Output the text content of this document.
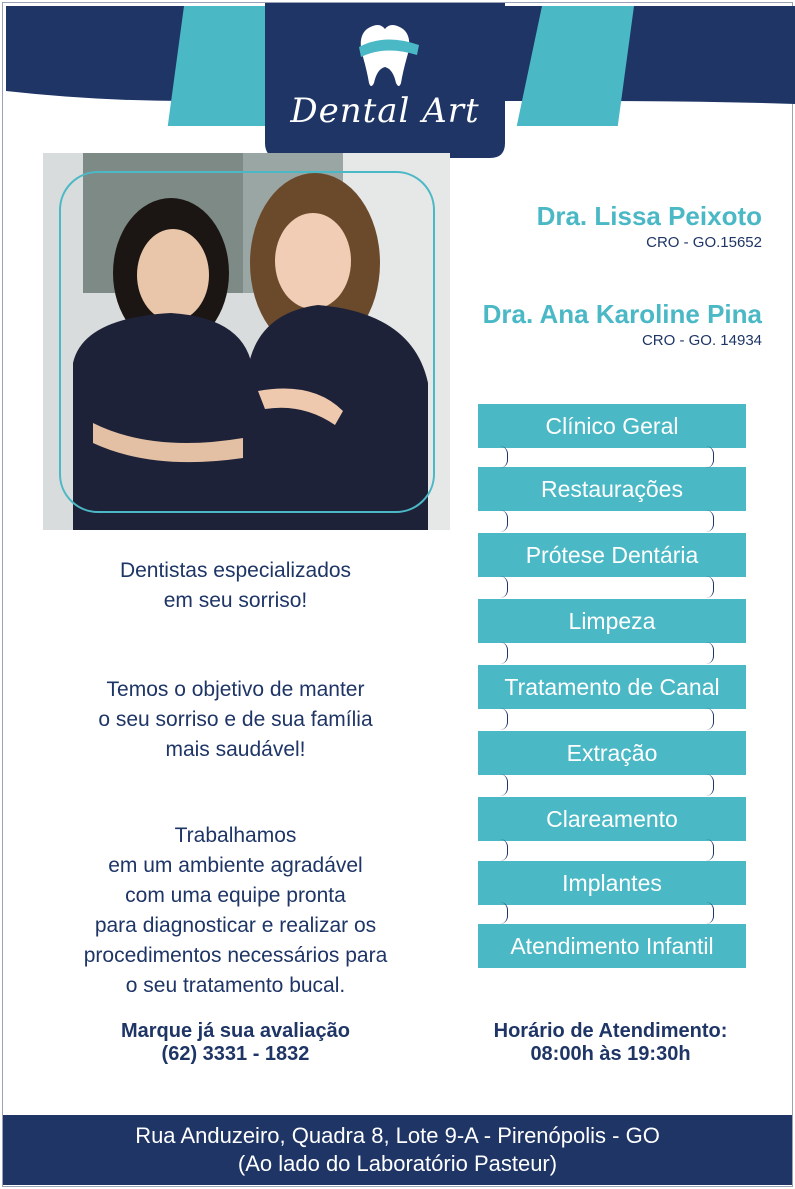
Dental Art
Dra. Lissa Peixoto
CRO - GO.15652
Dra. Ana Karoline Pina
CRO - GO. 14934
Dentistas especializados
em seu sorriso!
Temos o objetivo de manter
o seu sorriso e de sua família
mais saudável!
Trabalhamos
em um ambiente agradável
com uma equipe pronta
para diagnosticar e realizar os
procedimentos necessários para
o seu tratamento bucal.
Marque já sua avaliação
(62) 3331 - 1832
Clínico Geral
Restaurações
Prótese Dentária
Limpeza
Tratamento de Canal
Extração
Clareamento
Implantes
Atendimento Infantil
Horário de Atendimento:
08:00h às 19:30h
Rua Anduzeiro, Quadra 8, Lote 9-A - Pirenópolis - GO
(Ao lado do Laboratório Pasteur)
